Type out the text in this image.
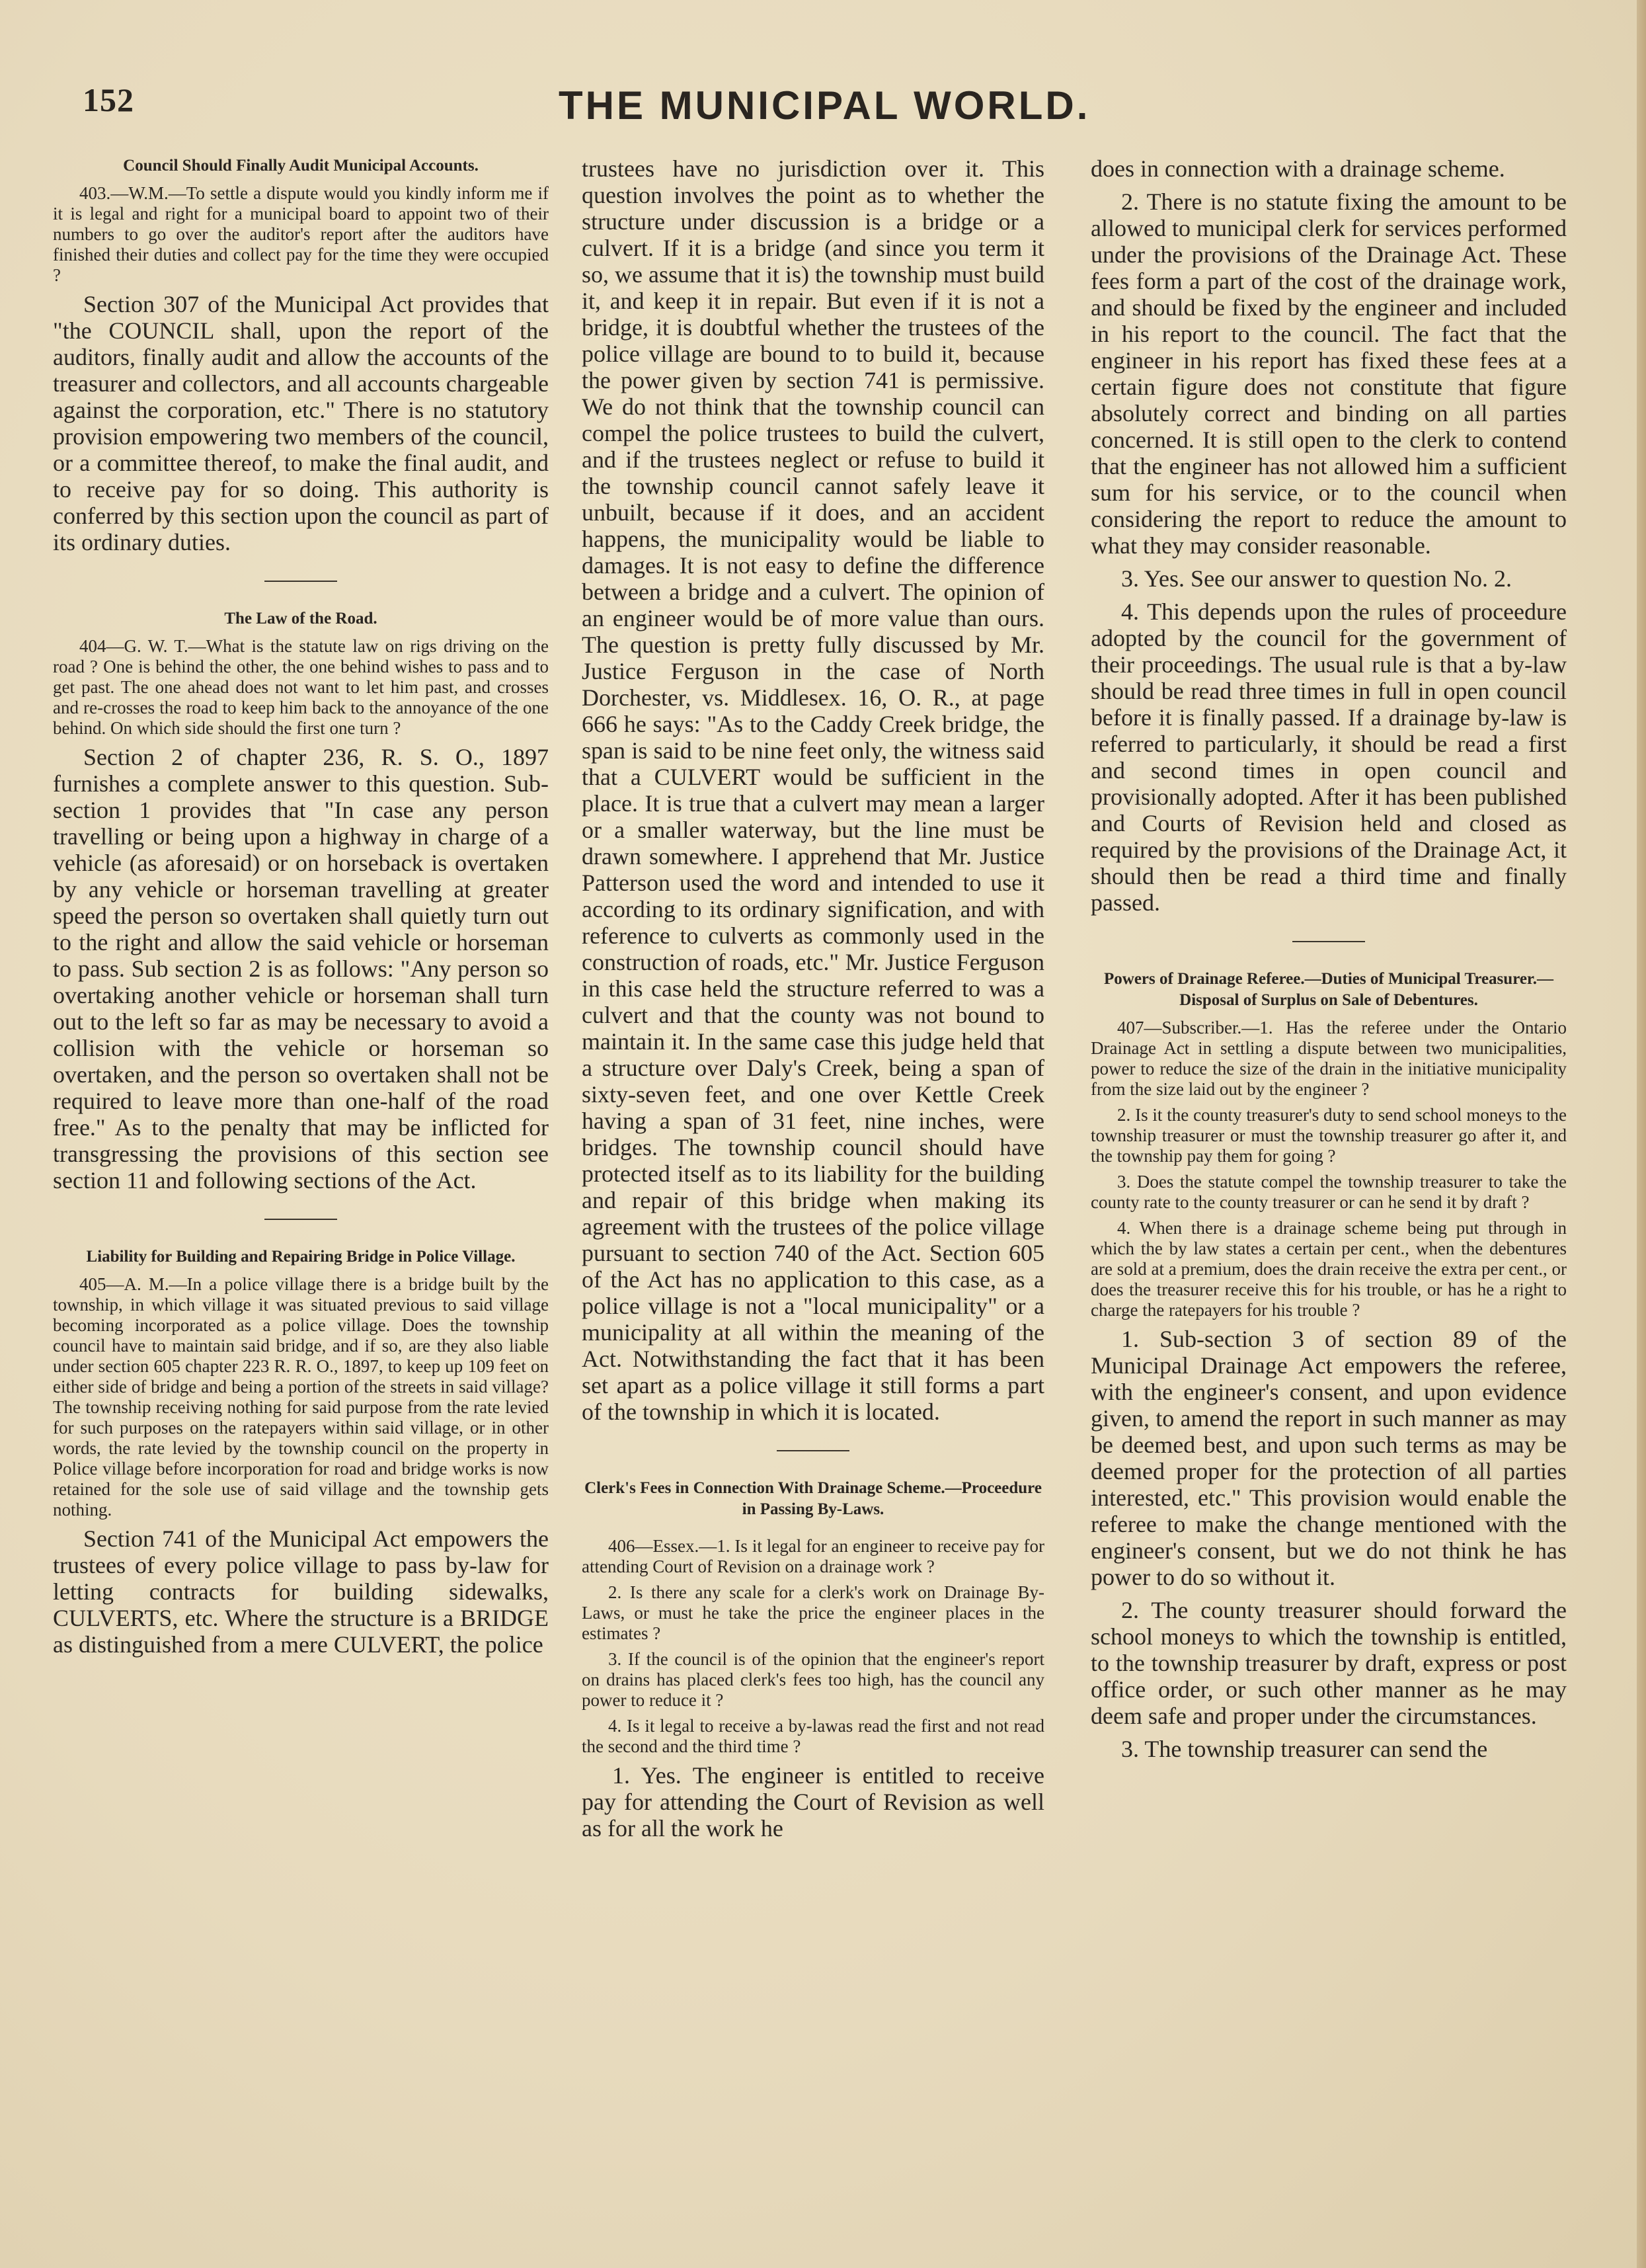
152	THE MUNICIPAL WORLD.
Council Should Finally Audit Municipal Accounts.

403.—W.M.—To settle a dispute would you kindly inform me if it is legal and right for a municipal board to appoint two of their numbers to go over the auditor's report after the auditors have finished their duties and collect pay for the time they were occupied ?

Section 307 of the Municipal Act provides that "the COUNCIL shall, upon the report of the auditors, finally audit and allow the accounts of the treasurer and collectors, and all accounts chargeable against the corporation, etc." There is no statutory provision empowering two members of the council, or a committee thereof, to make the final audit, and to receive pay for so doing. This authority is conferred by this section upon the council as part of its ordinary duties.

The Law of the Road.

404—G. W. T.—What is the statute law on rigs driving on the road ? One is behind the other, the one behind wishes to pass and to get past. The one ahead does not want to let him past, and crosses and re-crosses the road to keep him back to the annoyance of the one behind. On which side should the first one turn ?

Section 2 of chapter 236, R. S. O., 1897 furnishes a complete answer to this question. Sub-section 1 provides that "In case any person travelling or being upon a highway in charge of a vehicle (as aforesaid) or on horseback is overtaken by any vehicle or horseman travelling at greater speed the person so overtaken shall quietly turn out to the right and allow the said vehicle or horseman to pass. Sub section 2 is as follows: "Any person so overtaking another vehicle or horseman shall turn out to the left so far as may be necessary to avoid a collision with the vehicle or horseman so overtaken, and the person so overtaken shall not be required to leave more than one-half of the road free." As to the penalty that may be inflicted for transgressing the provisions of this section see section 11 and following sections of the Act.

Liability for Building and Repairing Bridge in Police Village.

405—A. M.—In a police village there is a bridge built by the township, in which village it was situated previous to said village becoming incorporated as a police village. Does the township council have to maintain said bridge, and if so, are they also liable under section 605 chapter 223 R. R. O., 1897, to keep up 109 feet on either side of bridge and being a portion of the streets in said village? The township receiving nothing for said purpose from the rate levied for such purposes on the ratepayers within said village, or in other words, the rate levied by the township council on the property in Police village before incorporation for road and bridge works is now retained for the sole use of said village and the township gets nothing.

Section 741 of the Municipal Act empowers the trustees of every police village to pass by-law for letting contracts for building sidewalks, CULVERTS, etc. Where the structure is a BRIDGE as distinguished from a mere CULVERT, the police

trustees have no jurisdiction over it. This question involves the point as to whether the structure under discussion is a bridge or a culvert. If it is a bridge (and since you term it so, we assume that it is) the township must build it, and keep it in repair. But even if it is not a bridge, it is doubtful whether the trustees of the police village are bound to to build it, because the power given by section 741 is permissive. We do not think that the township council can compel the police trustees to build the culvert, and if the trustees neglect or refuse to build it the township council cannot safely leave it unbuilt, because if it does, and an accident happens, the municipality would be liable to damages. It is not easy to define the difference between a bridge and a culvert. The opinion of an engineer would be of more value than ours. The question is pretty fully discussed by Mr. Justice Ferguson in the case of North Dorchester, vs. Middlesex. 16, O. R., at page 666 he says: "As to the Caddy Creek bridge, the span is said to be nine feet only, the witness said that a CULVERT would be sufficient in the place. It is true that a culvert may mean a larger or a smaller waterway, but the line must be drawn somewhere. I apprehend that Mr. Justice Patterson used the word and intended to use it according to its ordinary signification, and with reference to culverts as commonly used in the construction of roads, etc." Mr. Justice Ferguson in this case held the structure referred to was a culvert and that the county was not bound to maintain it. In the same case this judge held that a structure over Daly's Creek, being a span of sixty-seven feet, and one over Kettle Creek having a span of 31 feet, nine inches, were bridges. The township council should have protected itself as to its liability for the building and repair of this bridge when making its agreement with the trustees of the police village pursuant to section 740 of the Act. Section 605 of the Act has no application to this case, as a police village is not a "local municipality" or a municipality at all within the meaning of the Act. Notwithstanding the fact that it has been set apart as a police village it still forms a part of the township in which it is located.

Clerk's Fees in Connection With Drainage Scheme.—Proceedure in Passing By-Laws.

406—Essex.—1. Is it legal for an engineer to receive pay for attending Court of Revision on a drainage work ?

2. Is there any scale for a clerk's work on Drainage By-Laws, or must he take the price the engineer places in the estimates ?

3. If the council is of the opinion that the engineer's report on drains has placed clerk's fees too high, has the council any power to reduce it ?

4. Is it legal to receive a by-lawas read the first and not read the second and the third time ?

1. Yes. The engineer is entitled to receive pay for attending the Court of Revision as well as for all the work he

does in connection with a drainage scheme.

2. There is no statute fixing the amount to be allowed to municipal clerk for services performed under the provisions of the Drainage Act. These fees form a part of the cost of the drainage work, and should be fixed by the engineer and included in his report to the council. The fact that the engineer in his report has fixed these fees at a certain figure does not constitute that figure absolutely correct and binding on all parties concerned. It is still open to the clerk to contend that the engineer has not allowed him a sufficient sum for his service, or to the council when considering the report to reduce the amount to what they may consider reasonable.

3. Yes. See our answer to question No. 2.

4. This depends upon the rules of proceedure adopted by the council for the government of their proceedings. The usual rule is that a by-law should be read three times in full in open council before it is finally passed. If a drainage by-law is referred to particularly, it should be read a first and second times in open council and provisionally adopted. After it has been published and Courts of Revision held and closed as required by the provisions of the Drainage Act, it should then be read a third time and finally passed.

Powers of Drainage Referee.—Duties of Municipal Treasurer.—Disposal of Surplus on Sale of Debentures.

407—Subscriber.—1. Has the referee under the Ontario Drainage Act in settling a dispute between two municipalities, power to reduce the size of the drain in the initiative municipality from the size laid out by the engineer ?

2. Is it the county treasurer's duty to send school moneys to the township treasurer or must the township treasurer go after it, and the township pay them for going ?

3. Does the statute compel the township treasurer to take the county rate to the county treasurer or can he send it by draft ?

4. When there is a drainage scheme being put through in which the by law states a certain per cent., when the debentures are sold at a premium, does the drain receive the extra per cent., or does the treasurer receive this for his trouble, or has he a right to charge the ratepayers for his trouble ?

1. Sub-section 3 of section 89 of the Municipal Drainage Act empowers the referee, with the engineer's consent, and upon evidence given, to amend the report in such manner as may be deemed best, and upon such terms as may be deemed proper for the protection of all parties interested, etc." This provision would enable the referee to make the change mentioned with the engineer's consent, but we do not think he has power to do so without it.

2. The county treasurer should forward the school moneys to which the township is entitled, to the township treasurer by draft, express or post office order, or such other manner as he may deem safe and proper under the circumstances.

3. The township treasurer can send the
